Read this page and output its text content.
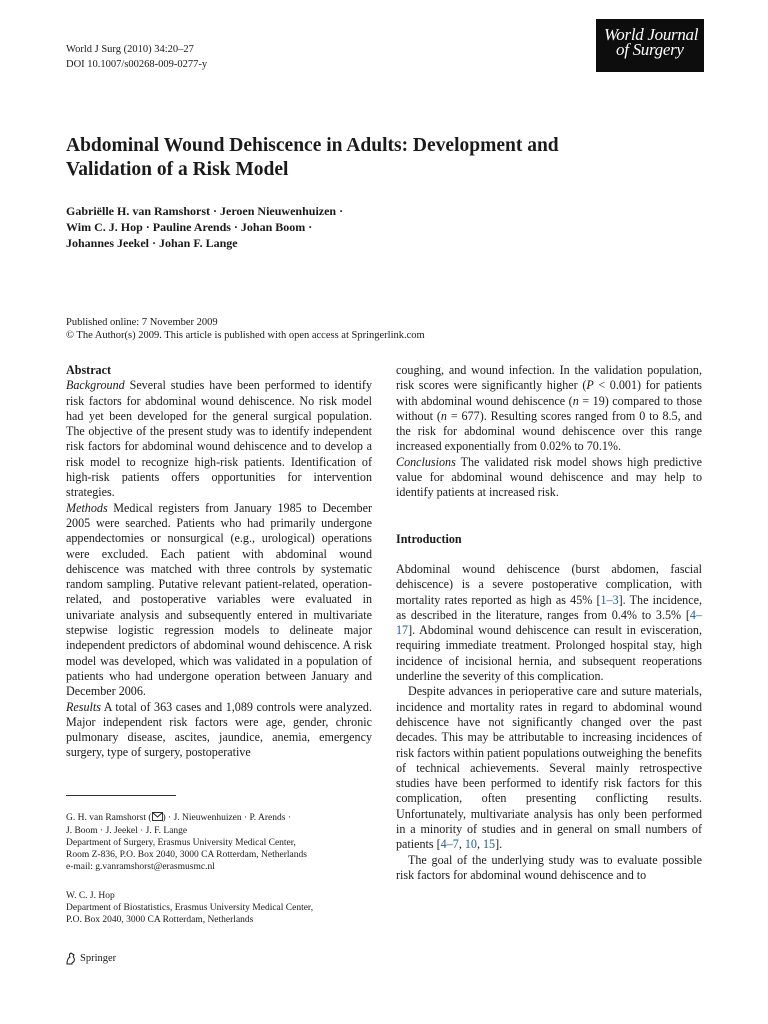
World J Surg (2010) 34:20–27
DOI 10.1007/s00268-009-0277-y
World Journal
of Surgery
Abdominal Wound Dehiscence in Adults: Development and Validation of a Risk Model
Gabriëlle H. van Ramshorst · Jeroen Nieuwenhuizen ·
Wim C. J. Hop · Pauline Arends · Johan Boom ·
Johannes Jeekel · Johan F. Lange
Published online: 7 November 2009
© The Author(s) 2009. This article is published with open access at Springerlink.com

Abstract

Background Several studies have been performed to identify risk factors for abdominal wound dehiscence. No risk model had yet been developed for the general surgical population. The objective of the present study was to identify independent risk factors for abdominal wound dehiscence and to develop a risk model to recognize high-risk patients. Identification of high-risk patients offers opportunities for intervention strategies.

Methods Medical registers from January 1985 to December 2005 were searched. Patients who had primarily undergone appendectomies or nonsurgical (e.g., urological) operations were excluded. Each patient with abdominal wound dehiscence was matched with three controls by systematic random sampling. Putative relevant patient-related, operation-related, and postoperative variables were evaluated in univariate analysis and subsequently entered in multivariate stepwise logistic regression models to delineate major independent predictors of abdominal wound dehiscence. A risk model was developed, which was validated in a population of patients who had undergone operation between January and December 2006.

Results A total of 363 cases and 1,089 controls were analyzed. Major independent risk factors were age, gender, chronic pulmonary disease, ascites, jaundice, anemia, emergency surgery, type of surgery, postoperative

coughing, and wound infection. In the validation population, risk scores were significantly higher (P < 0.001) for patients with abdominal wound dehiscence (n = 19) compared to those without (n = 677). Resulting scores ranged from 0 to 8.5, and the risk for abdominal wound dehiscence over this range increased exponentially from 0.02% to 70.1%.

Conclusions The validated risk model shows high predictive value for abdominal wound dehiscence and may help to identify patients at increased risk.

Introduction

Abdominal wound dehiscence (burst abdomen, fascial dehiscence) is a severe postoperative complication, with mortality rates reported as high as 45% [1–3]. The incidence, as described in the literature, ranges from 0.4% to 3.5% [4–17]. Abdominal wound dehiscence can result in evisceration, requiring immediate treatment. Prolonged hospital stay, high incidence of incisional hernia, and subsequent reoperations underline the severity of this complication.

Despite advances in perioperative care and suture materials, incidence and mortality rates in regard to abdominal wound dehiscence have not significantly changed over the past decades. This may be attributable to increasing incidences of risk factors within patient populations outweighing the benefits of technical achievements. Several mainly retrospective studies have been performed to identify risk factors for this complication, often presenting conflicting results. Unfortunately, multivariate analysis has only been performed in a minority of studies and in general on small numbers of patients [4–7, 10, 15].

The goal of the underlying study was to evaluate possible risk factors for abdominal wound dehiscence and to

G. H. van Ramshorst ( ) · J. Nieuwenhuizen · P. Arends ·
J. Boom · J. Jeekel · J. F. Lange
Department of Surgery, Erasmus University Medical Center,
Room Z-836, P.O. Box 2040, 3000 CA Rotterdam, Netherlands
e-mail: g.vanramshorst@erasmusmc.nl
W. C. J. Hop
Department of Biostatistics, Erasmus University Medical Center,
P.O. Box 2040, 3000 CA Rotterdam, Netherlands
Springer
